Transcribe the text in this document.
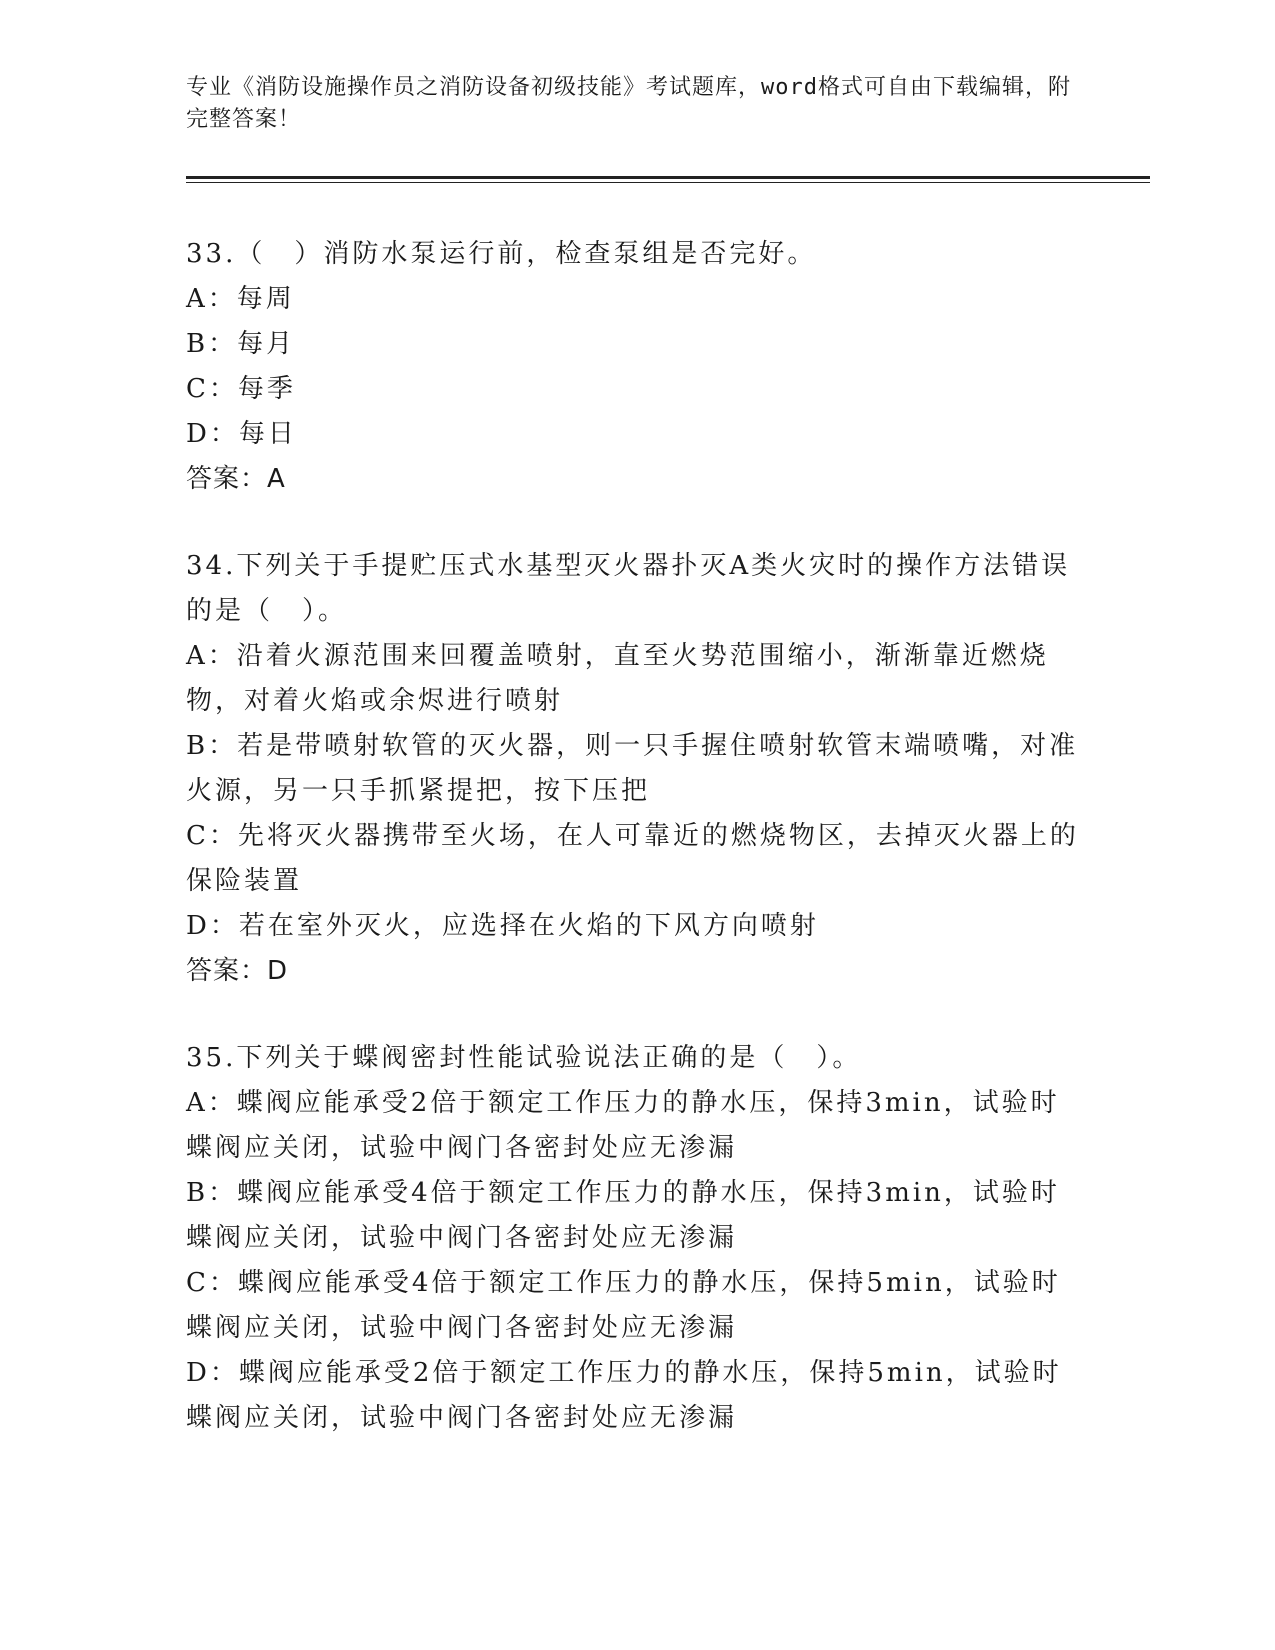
专业《消防设施操作员之消防设备初级技能》考试题库，word格式可自由下载编辑，附完整答案！

33.（　）消防水泵运行前，检查泵组是否完好。

A：每周

B：每月

C：每季

D：每日

答案：A

34.下列关于手提贮压式水基型灭火器扑灭A类火灾时的操作方法错误的是（　）。

A：沿着火源范围来回覆盖喷射，直至火势范围缩小，渐渐靠近燃烧物，对着火焰或余烬进行喷射

B：若是带喷射软管的灭火器，则一只手握住喷射软管末端喷嘴，对准火源，另一只手抓紧提把，按下压把

C：先将灭火器携带至火场，在人可靠近的燃烧物区，去掉灭火器上的保险装置

D：若在室外灭火，应选择在火焰的下风方向喷射

答案：D

35.下列关于蝶阀密封性能试验说法正确的是（　）。

A：蝶阀应能承受2倍于额定工作压力的静水压，保持3min，试验时蝶阀应关闭，试验中阀门各密封处应无渗漏

B：蝶阀应能承受4倍于额定工作压力的静水压，保持3min，试验时蝶阀应关闭，试验中阀门各密封处应无渗漏

C：蝶阀应能承受4倍于额定工作压力的静水压，保持5min，试验时蝶阀应关闭，试验中阀门各密封处应无渗漏

D：蝶阀应能承受2倍于额定工作压力的静水压，保持5min，试验时蝶阀应关闭，试验中阀门各密封处应无渗漏
